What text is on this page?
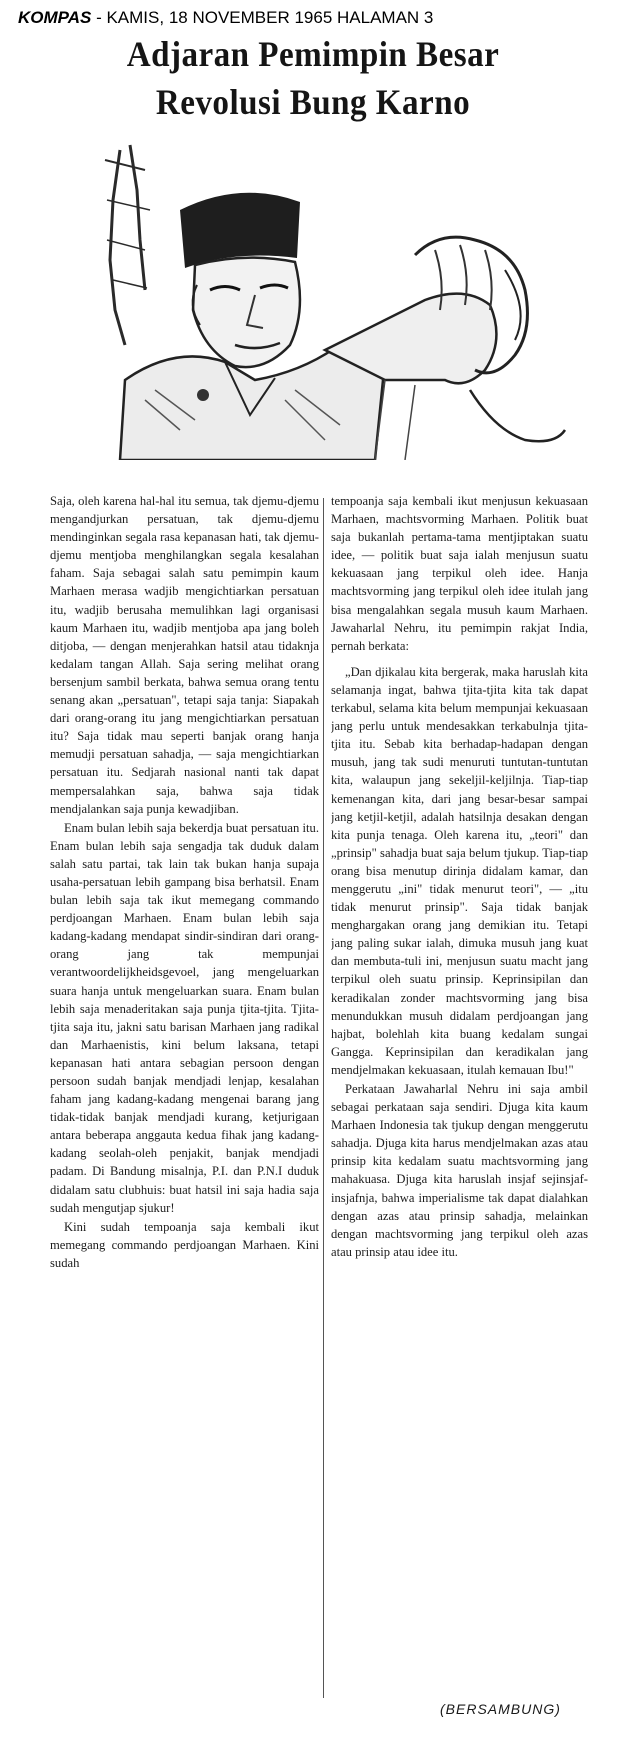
KOMPAS - KAMIS, 18 NOVEMBER 1965 HALAMAN 3
Adjaran Pemimpin Besar
Revolusi Bung Karno

Saja, oleh karena hal-hal itu semua, tak djemu-djemu mengandjurkan persatuan, tak djemu-djemu mendinginkan segala rasa kepanasan hati, tak djemu-djemu mentjoba menghilangkan segala kesalahan faham. Saja sebagai salah satu pemimpin kaum Marhaen merasa wadjib mengichtiarkan persatuan itu, wadjib berusaha memulihkan lagi organisasi kaum Marhaen itu, wadjib mentjoba apa jang boleh ditjoba, — dengan menjerahkan hatsil atau tidaknja kedalam tangan Allah. Saja sering melihat orang bersenjum sambil berkata, bahwa semua orang tentu senang akan „persatuan", tetapi saja tanja: Siapakah dari orang-orang itu jang mengichtiarkan persatuan itu? Saja tidak mau seperti banjak orang hanja memudji persatuan sahadja, — saja mengichtiarkan persatuan itu. Sedjarah nasional nanti tak dapat mempersalahkan saja, bahwa saja tidak mendjalankan saja punja kewadjiban.

Enam bulan lebih saja bekerdja buat persatuan itu. Enam bulan lebih saja sengadja tak duduk dalam salah satu partai, tak lain tak bukan hanja supaja usaha-persatuan lebih gampang bisa berhatsil. Enam bulan lebih saja tak ikut memegang commando perdjoangan Marhaen. Enam bulan lebih saja kadang-kadang mendapat sindir-sindiran dari orang-orang jang tak mempunjai verantwoordelijkheidsgevoel, jang mengeluarkan suara hanja untuk mengeluarkan suara. Enam bulan lebih saja menaderitakan saja punja tjita-tjita. Tjita-tjita saja itu, jakni satu barisan Marhaen jang radikal dan Marhaenistis, kini belum laksana, tetapi kepanasan hati antara sebagian persoon dengan persoon sudah banjak mendjadi lenjap, kesalahan faham jang kadang-kadang mengenai barang jang tidak-tidak banjak mendjadi kurang, ketjurigaan antara beberapa anggauta kedua fihak jang kadang-kadang seolah-oleh penjakit, banjak mendjadi padam. Di Bandung misalnja, P.I. dan P.N.I duduk didalam satu clubhuis: buat hatsil ini saja hadia saja sudah mengutjap sjukur!

Kini sudah tempoanja saja kembali ikut memegang commando perdjoangan Marhaen. Kini sudah

tempoanja saja kembali ikut menjusun kekuasaan Marhaen, machtsvorming Marhaen. Politik buat saja bukanlah pertama-tama mentjiptakan suatu idee, — politik buat saja ialah menjusun suatu kekuasaan jang terpikul oleh idee. Hanja machtsvorming jang terpikul oleh idee itulah jang bisa mengalahkan segala musuh kaum Marhaen. Jawaharlal Nehru, itu pemimpin rakjat India, pernah berkata:

„Dan djikalau kita bergerak, maka haruslah kita selamanja ingat, bahwa tjita-tjita kita tak dapat terkabul, selama kita belum mempunjai kekuasaan jang perlu untuk mendesakkan terkabulnja tjita-tjita itu. Sebab kita berhadap-hadapan dengan musuh, jang tak sudi menuruti tuntutan-tuntutan kita, walaupun jang sekeljil-keljilnja. Tiap-tiap kemenangan kita, dari jang besar-besar sampai jang ketjil-ketjil, adalah hatsilnja desakan dengan kita punja tenaga. Oleh karena itu, „teori" dan „prinsip" sahadja buat saja belum tjukup. Tiap-tiap orang bisa menutup dirinja didalam kamar, dan menggerutu „ini" tidak menurut teori", — „itu tidak menurut prinsip". Saja tidak banjak menghargakan orang jang demikian itu. Tetapi jang paling sukar ialah, dimuka musuh jang kuat dan membuta-tuli ini, menjusun suatu macht jang terpikul oleh suatu prinsip. Keprinsipilan dan keradikalan zonder machtsvorming jang bisa menundukkan musuh didalam perdjoangan jang hajbat, bolehlah kita buang kedalam sungai Gangga. Keprinsipilan dan keradikalan jang mendjelmakan kekuasaan, itulah kemauan Ibu!"

Perkataan Jawaharlal Nehru ini saja ambil sebagai perkataan saja sendiri. Djuga kita kaum Marhaen Indonesia tak tjukup dengan menggerutu sahadja. Djuga kita harus mendjelmakan azas atau prinsip kita kedalam suatu machtsvorming jang mahakuasa. Djuga kita haruslah insjaf sejinsjaf-insjafnja, bahwa imperialisme tak dapat dialahkan dengan azas atau prinsip sahadja, melainkan dengan machtsvorming jang terpikul oleh azas atau prinsip atau idee itu.

(BERSAMBUNG)
